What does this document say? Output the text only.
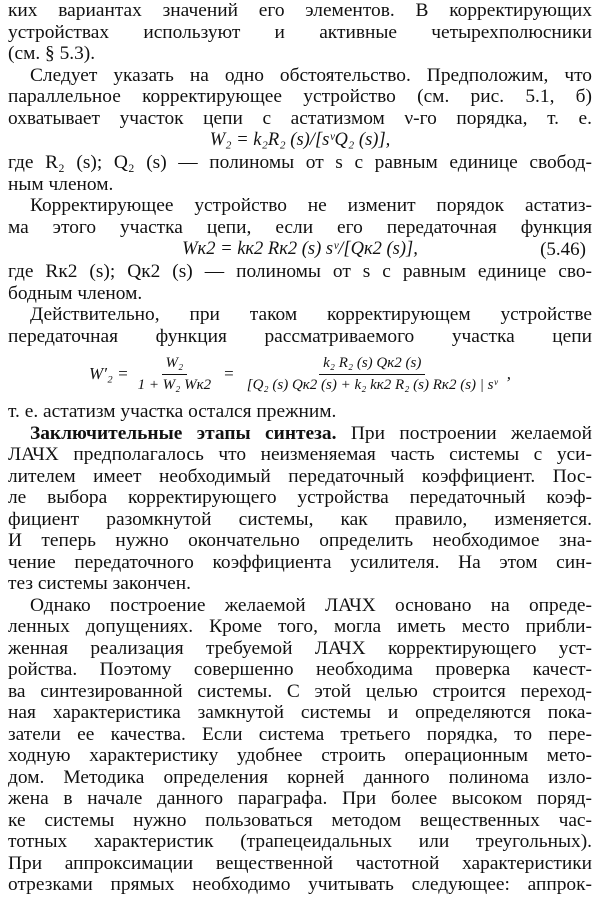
ких вариантах значений его элементов. В корректирующих
устройствах используют и активные четырехполюсники
(см. § 5.3).
Следует указать на одно обстоятельство. Предположим, что
параллельное корректирующее устройство (см. рис. 5.1, б)
охватывает участок цепи с астатизмом ν-го порядка, т. е.
W₂ = k₂R₂ (s)/[sᵛQ₂ (s)],
где R₂ (s); Q₂ (s) — полиномы от s с равным единице свобод-
ным членом.
Корректирующее устройство не изменит порядок астатиз-
ма этого участка цепи, если его передаточная функция
Wк2 = kк2 Rк2 (s) sᵛ/[Qк2 (s)],	(5.46)
где Rк2 (s); Qк2 (s) — полиномы от s с равным единице сво-
бодным членом.
Действительно, при таком корректирующем устройстве
передаточная функция рассматриваемого участка цепи
$W'_2 = \frac{\text{W₂}}{\text{1 + W₂ Wк2}} = \frac{\text{k₂ R₂ (s) Qк2 (s)}}{\text{[Q₂ (s) Qк2 (s) + k₂ kк2 R₂ (s) Rк2 (s) | sᵛ}}$ ,
т. е. астатизм участка остался прежним.
Заключительные этапы синтеза. При построении желаемой
ЛАЧХ предполагалось что неизменяемая часть системы с уси-
лителем имеет необходимый передаточный коэффициент. Пос-
ле выбора корректирующего устройства передаточный коэф-
фициент разомкнутой системы, как правило, изменяется.
И теперь нужно окончательно определить необходимое зна-
чение передаточного коэффициента усилителя. На этом син-
тез системы закончен.
Однако построение желаемой ЛАЧХ основано на опреде-
ленных допущениях. Кроме того, могла иметь место прибли-
женная реализация требуемой ЛАЧХ корректирующего уст-
ройства. Поэтому совершенно необходима проверка качест-
ва синтезированной системы. С этой целью строится переход-
ная характеристика замкнутой системы и определяются пока-
затели ее качества. Если система третьего порядка, то пере-
ходную характеристику удобнее строить операционным мето-
дом. Методика определения корней данного полинома изло-
жена в начале данного параграфа. При более высоком поряд-
ке системы нужно пользоваться методом вещественных час-
тотных характеристик (трапецеидальных или треугольных).
При аппроксимации вещественной частотной характеристики
отрезками прямых необходимо учитывать следующее: аппрок-
